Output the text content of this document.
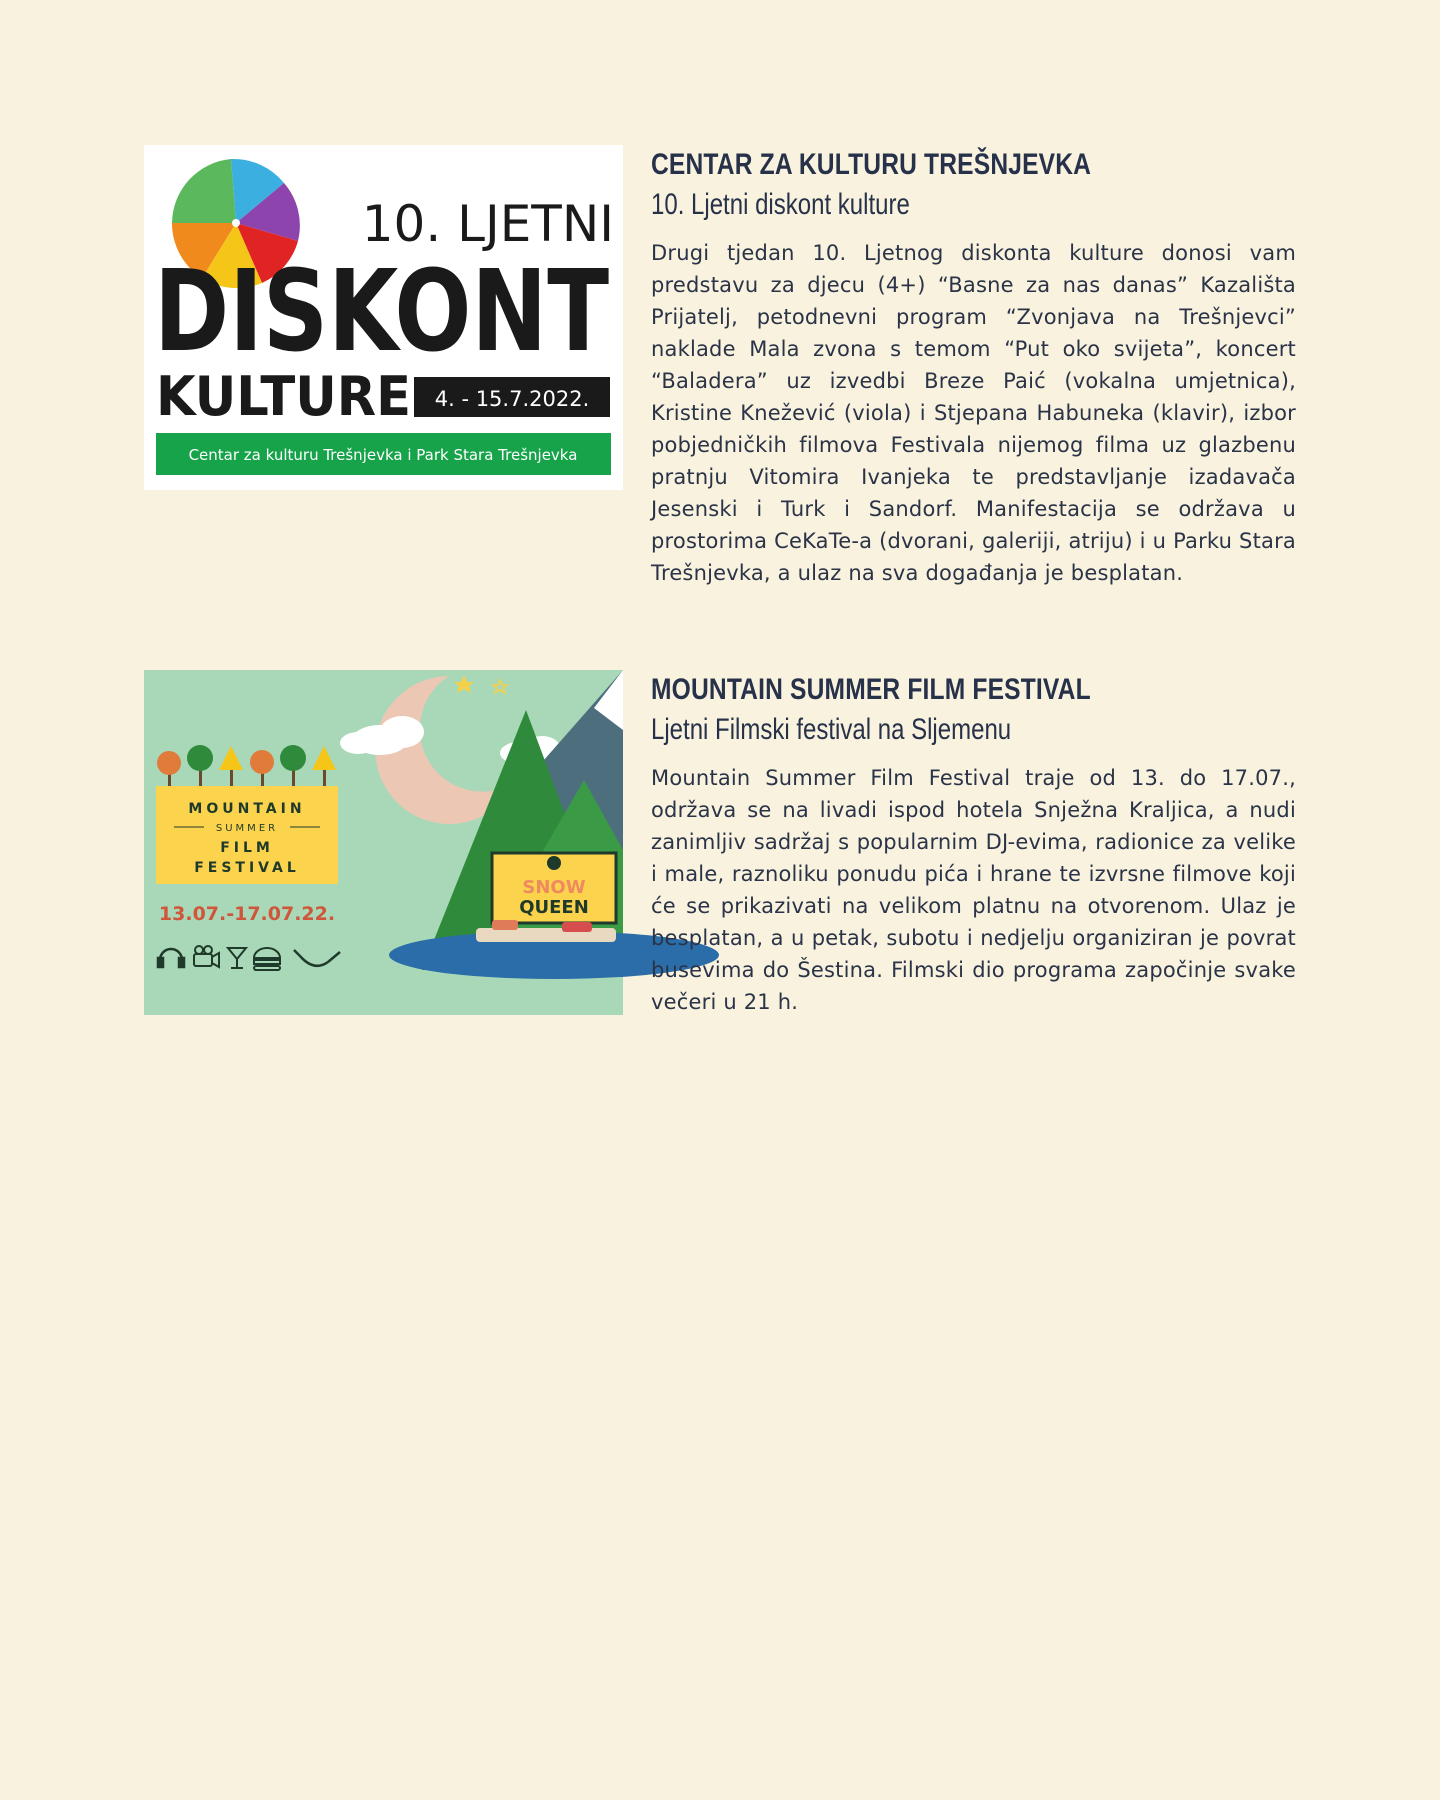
10. LJETNI
DISKONT
KULTURE 4. - 15.7.2022.
Centar za kulturu Trešnjevka i Park Stara Trešnjevka
CENTAR ZA KULTURU TREŠNJEVKA
10. Ljetni diskont kulture

Drugi tjedan 10. Ljetnog diskonta kulture donosi vam predstavu za djecu (4+) “Basne za nas danas” Kazališta Prijatelj, petodnevni program “Zvonjava na Trešnjevci” naklade Mala zvona s temom “Put oko svijeta”, koncert “Baladera” uz izvedbi Breze Paić (vokalna umjetnica), Kristine Knežević (viola) i Stjepana Habuneka (klavir), izbor pobjedničkih filmova Festivala nijemog filma uz glazbenu pratnju Vitomira Ivanjeka te predstavljanje izadavača Jesenski i Turk i Sandorf. Manifestacija se održava u prostorima CeKaTe-a (dvorani, galeriji, atriju) i u Parku Stara Trešnjevka, a ulaz na sva događanja je besplatan.

SNOW
QUEEN
MOUNTAIN
SUMMER
FILM
FESTIVAL
13.07.-17.07.22.
MOUNTAIN SUMMER FILM FESTIVAL
Ljetni Filmski festival na Sljemenu

Mountain Summer Film Festival traje od 13. do 17.07., održava se na livadi ispod hotela Snježna Kraljica, a nudi zanimljiv sadržaj s popularnim DJ-evima, radionice za velike i male, raznoliku ponudu pića i hrane te izvrsne filmove koji će se prikazivati na velikom platnu na otvorenom. Ulaz je besplatan, a u petak, subotu i nedjelju organiziran je povrat busevima do Šestina. Filmski dio programa započinje svake večeri u 21 h.
